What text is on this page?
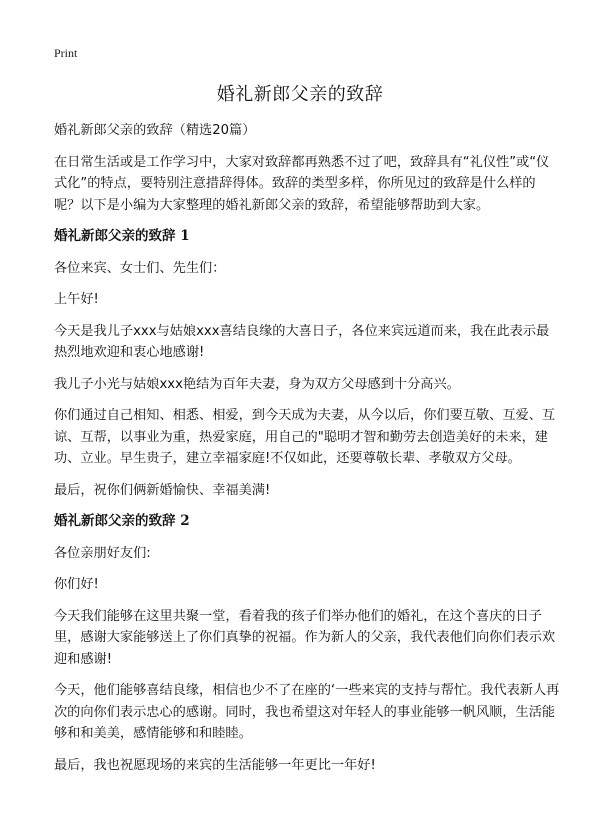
Print
婚礼新郎父亲的致辞

婚礼新郎父亲的致辞（精选20篇）

在日常生活或是工作学习中，大家对致辞都再熟悉不过了吧，致辞具有“礼仪性”或“仪式化”的特点，要特别注意措辞得体。致辞的类型多样，你所见过的致辞是什么样的呢？以下是小编为大家整理的婚礼新郎父亲的致辞，希望能够帮助到大家。

婚礼新郎父亲的致辞 1

各位来宾、女士们、先生们：

上午好!

今天是我儿子xxx与姑娘xxx喜结良缘的大喜日子，各位来宾远道而来，我在此表示最热烈地欢迎和衷心地感谢!

我儿子小光与姑娘xxx艳结为百年夫妻，身为双方父母感到十分高兴。

你们通过自己相知、相悉、相爱，到今天成为夫妻，从今以后，你们要互敬、互爱、互谅、互帮，以事业为重，热爱家庭，用自己的"聪明才智和勤劳去创造美好的未来，建功、立业。早生贵子，建立幸福家庭!不仅如此，还要尊敬长辈、孝敬双方父母。

最后，祝你们俩新婚愉快、幸福美满!

婚礼新郎父亲的致辞 2

各位亲朋好友们:

你们好!

今天我们能够在这里共聚一堂，看着我的孩子们举办他们的婚礼，在这个喜庆的日子里，感谢大家能够送上了你们真挚的祝福。作为新人的父亲，我代表他们向你们表示欢迎和感谢!

今天，他们能够喜结良缘，相信也少不了在座的‘一些来宾的支持与帮忙。我代表新人再次的向你们表示忠心的感谢。同时，我也希望这对年轻人的事业能够一帆风顺，生活能够和和美美，感情能够和和睦睦。

最后，我也祝愿现场的来宾的生活能够一年更比一年好!
